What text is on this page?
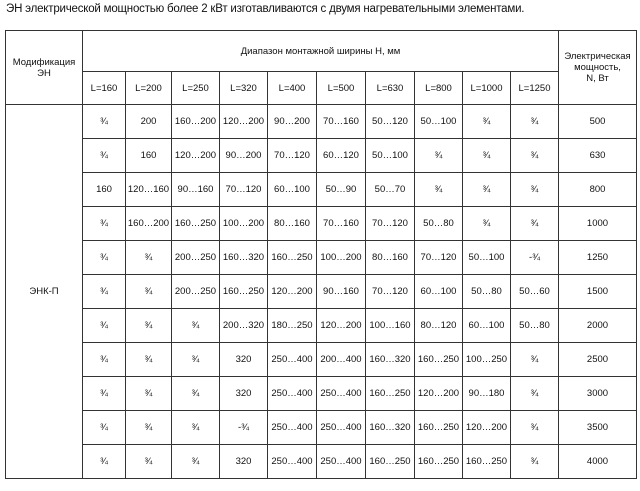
ЭН электрической мощностью более 2 кВт изготавливаются с двумя нагревательными элементами.
Модификация
ЭН	Диапазон монтажной ширины H, мм										Электрическая
мощность,
N, Вт
	L=160	L=200	L=250	L=320	L=400	L=500	L=630	L=800	L=1000	L=1250	
ЭНК-П	¾	200	160…200	120…200	90…200	70…160	50…120	50…100	¾	¾	500
	¾	160	120…200	90…200	70…120	60…120	50…100	¾	¾	¾	630
	160	120…160	90…160	70…120	60…100	50…90	50…70	¾	¾	¾	800
	¾	160…200	160…250	100…200	80…160	70…160	70…120	50…80	¾	¾	1000
	¾	¾	200…250	160…320	160…250	100…200	80…160	70…120	50…100	-¾	1250
	¾	¾	200…250	160…250	120…200	90…160	70…120	60…100	50…80	50…60	1500
	¾	¾	¾	200…320	180…250	120…200	100…160	80…120	60…100	50…80	2000
	¾	¾	¾	320	250…400	200…400	160…320	160…250	100…250	¾	2500
	¾	¾	¾	320	250…400	250…400	160…250	120…200	90…180	¾	3000
	¾	¾	¾	-¾	250…400	250…400	160…320	160…250	120…200	¾	3500
	¾	¾	¾	320	250…400	250…400	160…250	160…250	160…250	¾	4000
